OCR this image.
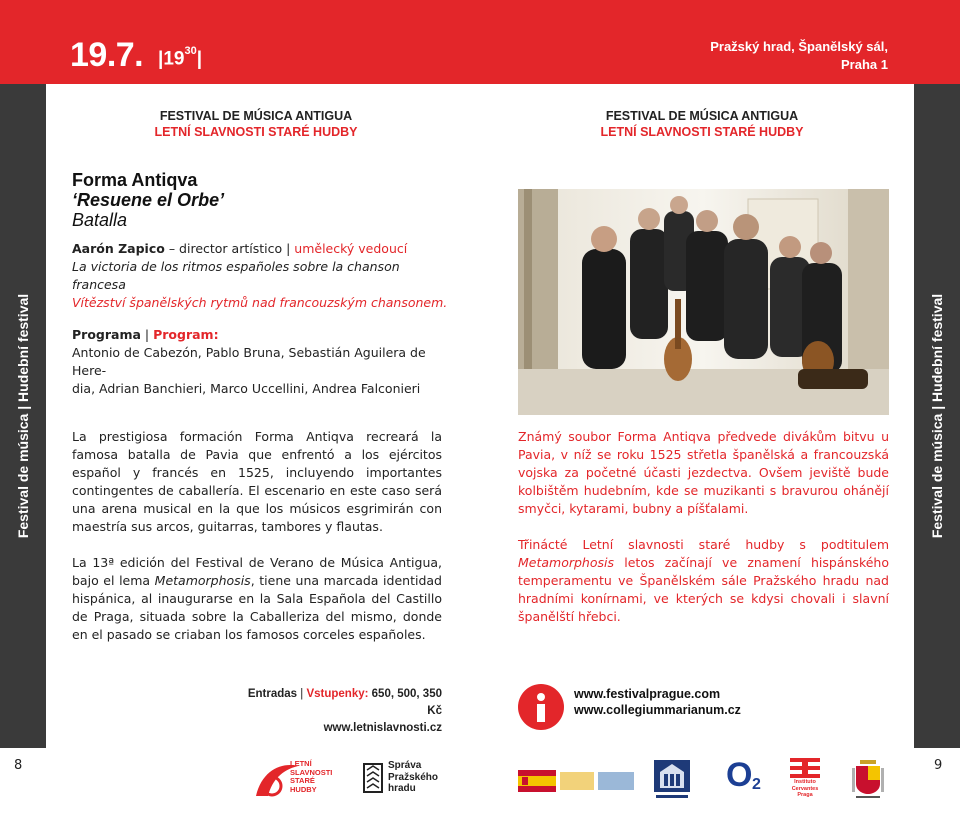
19.7. $|19^{30}|$
Pražský hrad, Španělský sál,
Praha 1
Festival de música | Hudební festival	Festival de música | Hudební festival
8	9
FESTIVAL DE MÚSICA ANTIGUA
LETNÍ SLAVNOSTI STARÉ HUDBY
FESTIVAL DE MÚSICA ANTIGUA
LETNÍ SLAVNOSTI STARÉ HUDBY
Forma Antiqva
‘Resuene el Orbe’
Batalla
Aarón Zapico – director artístico | umělecký vedoucí
La victoria de los ritmos españoles sobre la chanson francesa
Vítězství španělských rytmů nad francouzským chansonem.
Programa | Program:
Antonio de Cabezón, Pablo Bruna, Sebastián Aguilera de Here-
dia, Adrian Banchieri, Marco Uccellini, Andrea Falconieri

La prestigiosa formación Forma Antiqva recreará la famosa batalla de Pavia que enfrentó a los ejércitos español y francés en 1525, incluyendo importantes contingentes de caballería. El escenario en este caso será una arena musical en la que los músicos esgrimirán con maestría sus arcos, guitarras, tambores y flautas.

La 13ª edición del Festival de Verano de Música Antigua, bajo el lema Metamorphosis, tiene una marcada identidad hispánica, al inaugurarse en la Sala Española del Castillo de Praga, situada sobre la Caballeriza del mismo, donde en el pasado se criaban los famosos corceles españoles.

Známý soubor Forma Antiqva předvede divákům bitvu u Pavia, v níž se roku 1525 střetla španělská a francouzská vojska za početné účasti jezdectva. Ovšem jeviště bude kolbištěm hudebním, kde se muzikanti s bravurou ohánějí smyčci, kytarami, bubny a píšťalami.

Třinácté Letní slavnosti staré hudby s podtitulem Metamorphosis letos začínají ve znamení hispánského temperamentu ve Španělském sále Pražského hradu nad hradními konírnami, ve kterých se kdysi chovali i slavní španělští hřebci.

Entradas | Vstupenky: 650, 500, 350 Kč
www.letnislavnosti.cz
www.festivalprague.com
www.collegiummarianum.cz
LETNÍ
SLAVNOSTI
STARÉ
HUDBY
Správa
Pražského
hradu	O 2	Instituto
Cervantes
Praga
